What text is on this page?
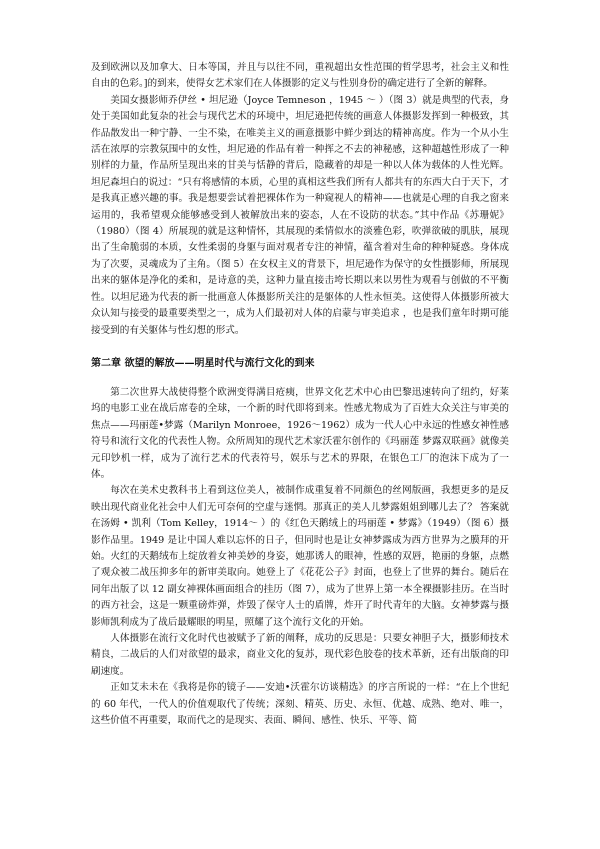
及到欧洲以及加拿大、日本等国，并且与以往不同，重视超出女性范围的哲学思考，社会主义和性自由的色彩。]的到来，使得女艺术家们在人体摄影的定义与性别身份的确定进行了全新的解释。

美国女摄影师乔伊丝 • 坦尼逊（Joyce Temneson ，1945 ～ ）（图 3）就是典型的代表，身处于美国如此复杂的社会与现代艺术的环境中，坦尼逊把传统的画意人体摄影发挥到一种极致，其作品散发出一种宁静、一尘不染，在唯美主义的画意摄影中鲜少到达的精神高度。作为一个从小生活在浓厚的宗教氛围中的女性，坦尼逊的作品有着一种挥之不去的神秘感，这种超越性形成了一种别样的力量，作品所呈现出来的甘美与恬静的背后，隐藏着的却是一种以人体为载体的人性光辉。坦尼森坦白的说过：“只有将感情的本质，心里的真相这些我们所有人都共有的东西大白于天下，才是我真正感兴趣的事。我是想要尝试着把裸体作为一种窥视人的精神——也就是心理的自我之窗来运用的，我希望观众能够感受到人被解放出来的姿态，人在不设防的状态。”其中作品《苏珊妮》（1980）（图 4）所展现的就是这种情怀，其展现的柔情似水的淡雅色彩，吹弹欲破的肌肤，展现出了生命脆弱的本质，女性柔弱的身躯与面对观者专注的神情，蕴含着对生命的种种疑惑。身体成为了次要，灵魂成为了主角。（图 5）在女权主义的背景下，坦尼逊作为保守的女性摄影师，所展现出来的躯体是净化的柔和，是诗意的美，这种力量直接击垮长期以来以男性为观看与创做的不平衡性。以坦尼逊为代表的新一批画意人体摄影所关注的是躯体的人性永恒美。这使得人体摄影所被大众认知与接受的最重要类型之一，成为人们最初对人体的启蒙与审美追求 ，也是我们童年时期可能接受到的有关躯体与性幻想的形式。

第二章 欲望的解放——明星时代与流行文化的到来

第二次世界大战使得整个欧洲变得满目疮痍，世界文化艺术中心由巴黎迅速转向了纽约，好莱坞的电影工业在战后席卷的全球，一个新的时代即将到来。性感尤物成为了百姓大众关注与审美的焦点——玛丽莲•梦露（Marilyn Monroee，1926～1962）成为一代人心中永远的性感女神性感符号和流行文化的代表性人物。众所周知的现代艺术家沃霍尔创作的《玛丽莲 梦露双联画》就像美元印钞机一样，成为了流行艺术的代表符号，娱乐与艺术的界限，在银色工厂的泡沫下成为了一体。

每次在美术史教科书上看到这位美人，被制作成重复着不同颜色的丝网版画，我想更多的是反映出现代商业化社会中人们无可奈何的空虚与迷惘。那真正的美人儿梦露姐姐到哪儿去了？ 答案就在汤姆 • 凯利（Tom Kelley，1914～ ）的《红色天鹅绒上的玛丽莲 • 梦露》（1949）（图 6）摄影作品里。1949 是让中国人难以忘怀的日子，但同时也是让女神梦露成为西方世界为之膜拜的开始。火红的天鹅绒布上绽放着女神美妙的身姿，她那诱人的眼神，性感的双唇，艳丽的身躯，点燃了观众被二战压抑多年的新审美取向。她登上了《花花公子》封面，也登上了世界的舞台。随后在同年出版了以 12 副女神裸体画面组合的挂历（图 7），成为了世界上第一本全裸摄影挂历。在当时的西方社会，这是一颗重磅炸弹，炸毁了保守人士的盾牌，炸开了时代青年的大脑。女神梦露与摄影师凯利成为了战后最耀眼的明星，照耀了这个流行文化的开始。

人体摄影在流行文化时代也被赋予了新的阐释，成功的反思是：只要女神胆子大，摄影师技术精良，二战后的人们对欲望的最求，商业文化的复苏，现代彩色胶卷的技术革新，还有出版商的印刷速度。

正如艾未未在《我将是你的镜子——安迪•沃霍尔访谈精选》的序言所说的一样：“在上个世纪的 60 年代，一代人的价值观取代了传统；深刻、精英、历史、永恒、优越、成熟、绝对、唯一，这些价值不再重要，取而代之的是现实、表面、瞬间、感性、快乐、平等、简
